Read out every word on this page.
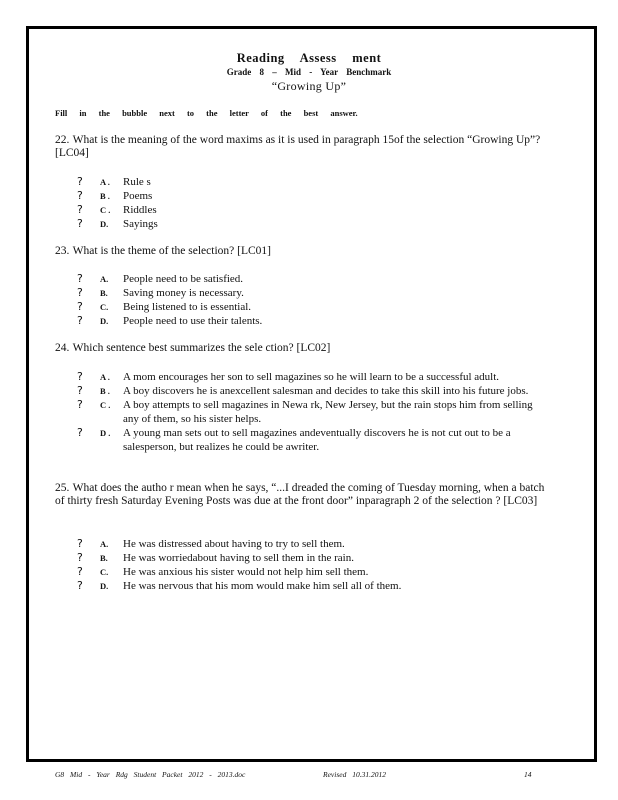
Reading Assess ment
Grade 8 – Mid - Year Benchmark
“Growing Up”
Fill in the bubble next to the letter of the best answer.
22. What is the meaning of the word maxims as it is used in paragraph 15of the selection “Growing Up”? [LC04]
?	A . Rule s
?	B . Poems
?	C . Riddles
?	D. Sayings
23. What is the theme of the selection? [LC01]
?	A. People need to be satisfied.
?	B. Saving money is necessary.
?	C. Being listened to is essential.
?	D. People need to use their talents.
24. Which sentence best summarizes the sele ction? [LC02]
?	A . A mom encourages her son to sell magazines so he will learn to be a successful adult.
?	B . A boy discovers he is anexcellent salesman and decides to take this skill into his future jobs.
?	C . A boy attempts to sell magazines in Newa rk, New Jersey, but the rain stops him from selling any of them, so his sister helps.
?	D . A young man sets out to sell magazines andeventually discovers he is not cut out to be a salesperson, but realizes he could be awriter.
25. What does the autho r mean when he says, “...I dreaded the coming of Tuesday morning, when a batch of thirty fresh Saturday Evening Posts was due at the front door” inparagraph 2 of the selection ? [LC03]
?	A. He was distressed about having to try to sell them.
?	B. He was worriedabout having to sell them in the rain.
?	C. He was anxious his sister would not help him sell them.
?	D. He was nervous that his mom would make him sell all of them.
G8 Mid - Year Rdg Student Packet 2012 - 2013.doc	Revised 10.31.2012	14
